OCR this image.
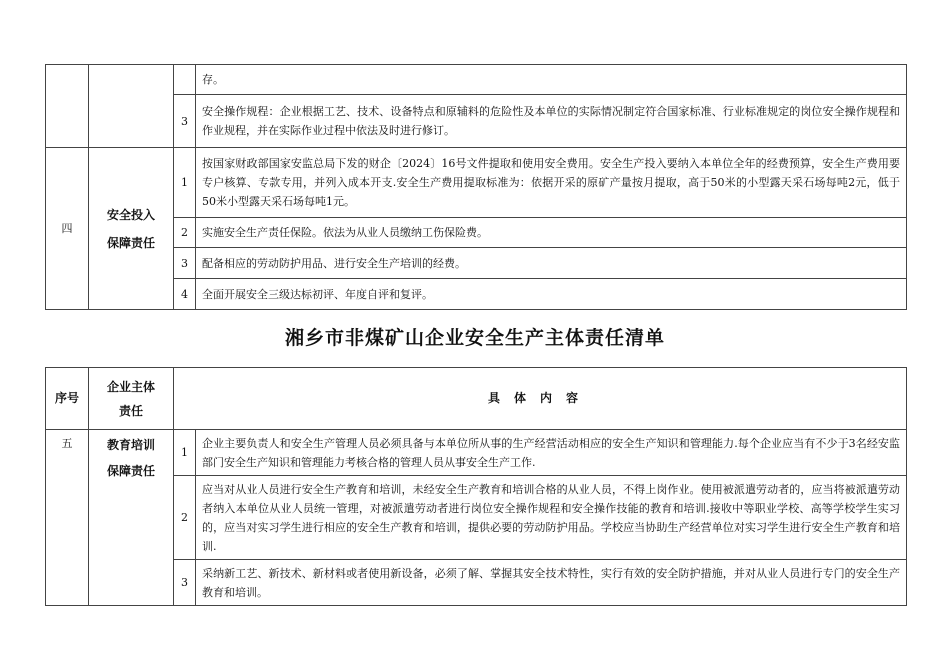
			存。
		3	安全操作规程：企业根据工艺、技术、设备特点和原辅料的危险性及本单位的实际情况制定符合国家标准、行业标准规定的岗位安全操作规程和作业规程，并在实际作业过程中依法及时进行修订。
四	安全投入保障责任	1	按国家财政部国家安监总局下发的财企〔2024〕16号文件提取和使用安全费用。安全生产投入要纳入本单位全年的经费预算，安全生产费用要专户核算、专款专用，并列入成本开支.安全生产费用提取标准为：依据开采的原矿产量按月提取，高于50米的小型露天采石场每吨2元，低于50米小型露天采石场每吨1元。
		2	实施安全生产责任保险。依法为从业人员缴纳工伤保险费。
		3	配备相应的劳动防护用品、进行安全生产培训的经费。
		4	全面开展安全三级达标初评、年度自评和复评。
湘乡市非煤矿山企业安全生产主体责任清单
序号	企业主体责任	具体内容	
五	教育培训保障责任	1	企业主要负责人和安全生产管理人员必须具备与本单位所从事的生产经营活动相应的安全生产知识和管理能力.每个企业应当有不少于3名经安监部门安全生产知识和管理能力考核合格的管理人员从事安全生产工作.
		2	应当对从业人员进行安全生产教育和培训，未经安全生产教育和培训合格的从业人员，不得上岗作业。使用被派遣劳动者的，应当将被派遣劳动者纳入本单位从业人员统一管理，对被派遣劳动者进行岗位安全操作规程和安全操作技能的教育和培训.接收中等职业学校、高等学校学生实习的，应当对实习学生进行相应的安全生产教育和培训，提供必要的劳动防护用品。学校应当协助生产经营单位对实习学生进行安全生产教育和培训.
		3	采纳新工艺、新技术、新材料或者使用新设备，必须了解、掌握其安全技术特性，实行有效的安全防护措施，并对从业人员进行专门的安全生产教育和培训。
